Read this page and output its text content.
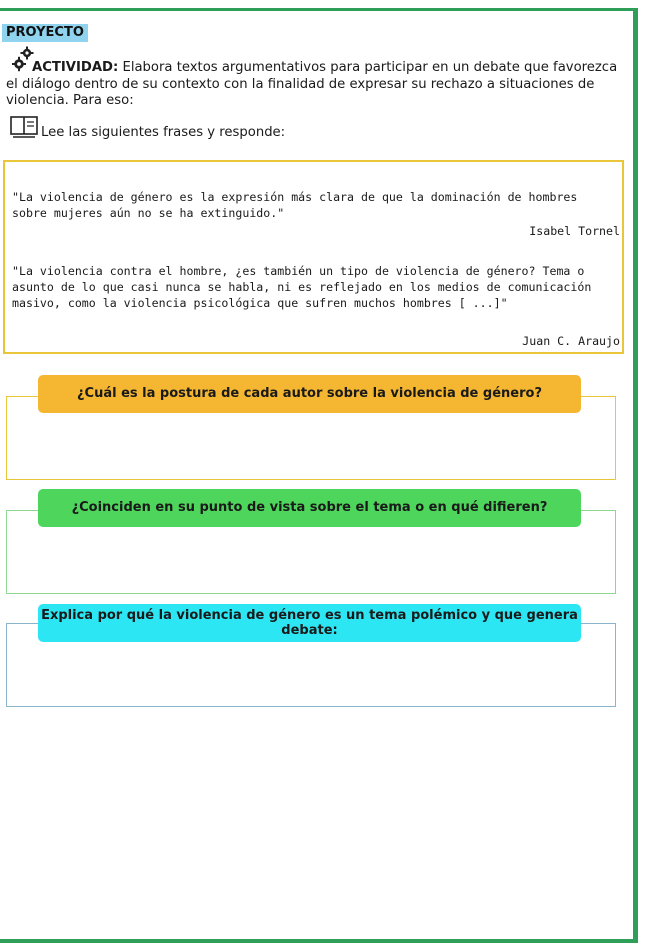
PROYECTO
ACTIVIDAD: Elabora textos argumentativos para participar en un debate que favorezca el diálogo dentro de su contexto con la finalidad de expresar su rechazo a situaciones de violencia. Para eso:
Lee las siguientes frases y responde:
"La violencia de género es la expresión más clara de que la dominación de hombres sobre mujeres aún no se ha extinguido."
Isabel Tornel
"La violencia contra el hombre, ¿es también un tipo de violencia de género? Tema o asunto de lo que casi nunca se habla, ni es reflejado en los medios de comunicación masivo, como la violencia psicológica que sufren muchos hombres [ ...]"
Juan C. Araujo
¿Cuál es la postura de cada autor sobre la violencia de género?
¿Coinciden en su punto de vista sobre el tema o en qué difieren?
Explica por qué la violencia de género es un tema polémico y que genera debate:
